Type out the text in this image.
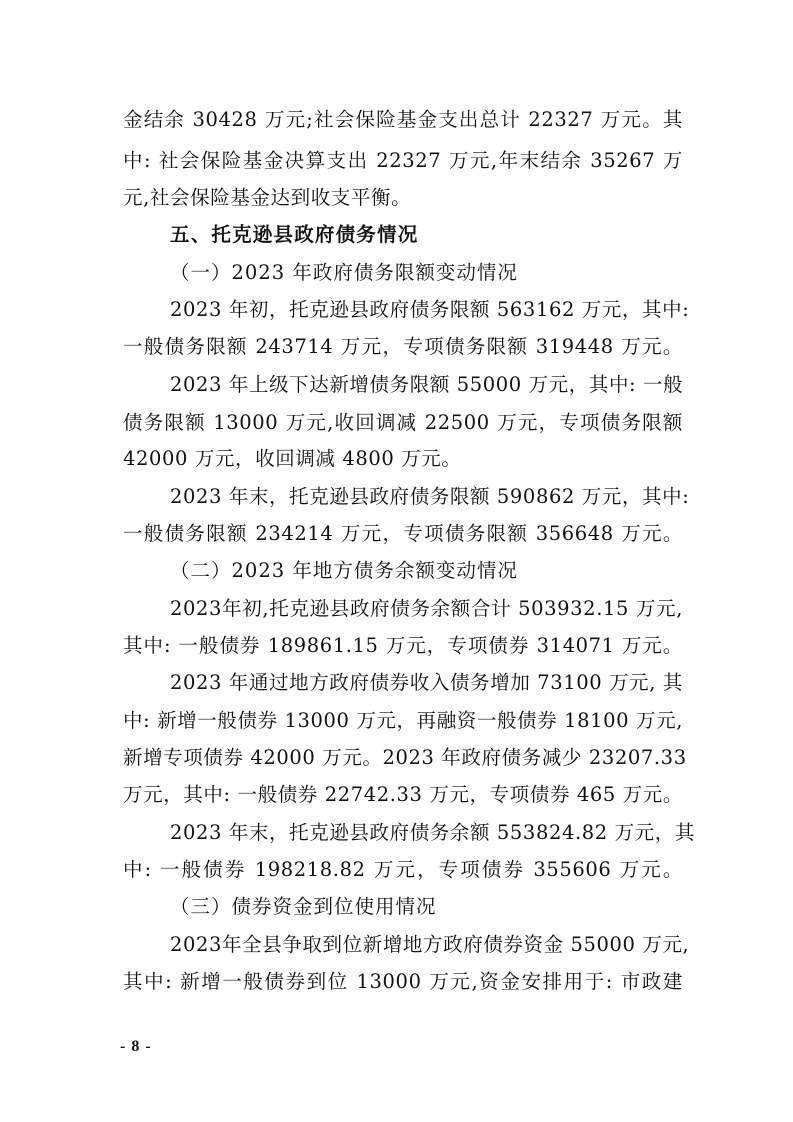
金结余 30428 万元;社会保险基金支出总计 22327 万元。其
中: 社会保险基金决算支出 22327 万元,年末结余 35267 万
元,社会保险基金达到收支平衡。
五、托克逊县政府债务情况
（一）2023 年政府债务限额变动情况
2023 年初，托克逊县政府债务限额 563162 万元，其中:
一般债务限额 243714 万元，专项债务限额 319448 万元。
2023 年上级下达新增债务限额 55000 万元，其中: 一般
债务限额 13000 万元,收回调减 22500 万元，专项债务限额
42000 万元，收回调减 4800 万元。
2023 年末，托克逊县政府债务限额 590862 万元，其中:
一般债务限额 234214 万元，专项债务限额 356648 万元。
（二）2023 年地方债务余额变动情况
2023年初,托克逊县政府债务余额合计 503932.15 万元,
其中: 一般债券 189861.15 万元，专项债券 314071 万元。
2023 年通过地方政府债券收入债务增加 73100 万元, 其
中: 新增一般债券 13000 万元，再融资一般债券 18100 万元,
新增专项债券 42000 万元。2023 年政府债务减少 23207.33
万元，其中: 一般债券 22742.33 万元，专项债券 465 万元。
2023 年末，托克逊县政府债务余额 553824.82 万元，其
中: 一般债券 198218.82 万元，专项债券 355606 万元。
（三）债券资金到位使用情况
2023年全县争取到位新增地方政府债券资金 55000 万元,
其中: 新增一般债券到位 13000 万元,资金安排用于: 市政建
- 8 -
